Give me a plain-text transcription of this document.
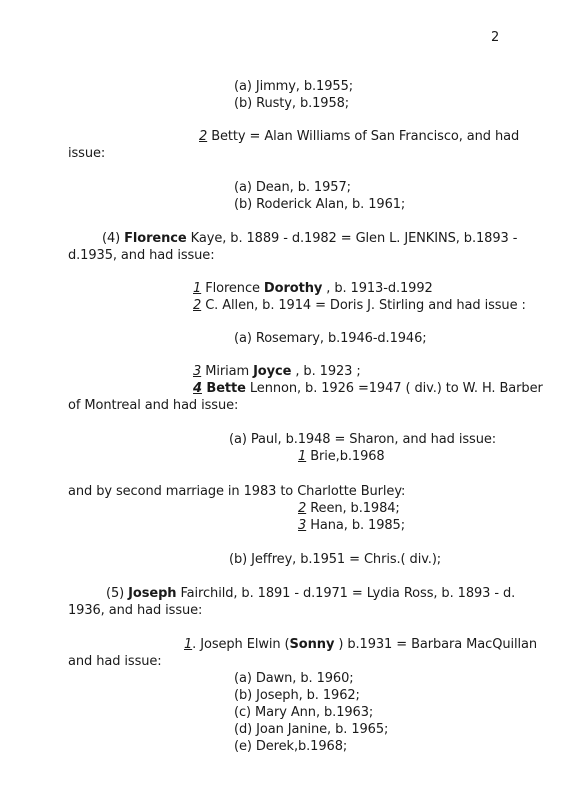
2
(a) Jimmy, b.1955;
(b) Rusty, b.1958;
2 Betty = Alan Williams of San Francisco, and had
issue:
(a) Dean, b. 1957;
(b) Roderick Alan, b. 1961;
(4) Florence Kaye, b. 1889 - d.1982 = Glen L. JENKINS, b.1893 -
d.1935, and had issue:
1 Florence Dorothy , b. 1913-d.1992
2 C. Allen, b. 1914 = Doris J. Stirling and had issue :
(a) Rosemary, b.1946-d.1946;
3 Miriam Joyce , b. 1923 ;
4 Bette Lennon, b. 1926 =1947 ( div.) to W. H. Barber
of Montreal and had issue:
(a) Paul, b.1948 = Sharon, and had issue:
1 Brie,b.1968
and by second marriage in 1983 to Charlotte Burley:
2 Reen, b.1984;
3 Hana, b. 1985;
(b) Jeffrey, b.1951 = Chris.( div.);
(5) Joseph Fairchild, b. 1891 - d.1971 = Lydia Ross, b. 1893 - d.
1936, and had issue:
1. Joseph Elwin (Sonny ) b.1931 = Barbara MacQuillan
and had issue:
(a) Dawn, b. 1960;
(b) Joseph, b. 1962;
(c) Mary Ann, b.1963;
(d) Joan Janine, b. 1965;
(e) Derek,b.1968;
